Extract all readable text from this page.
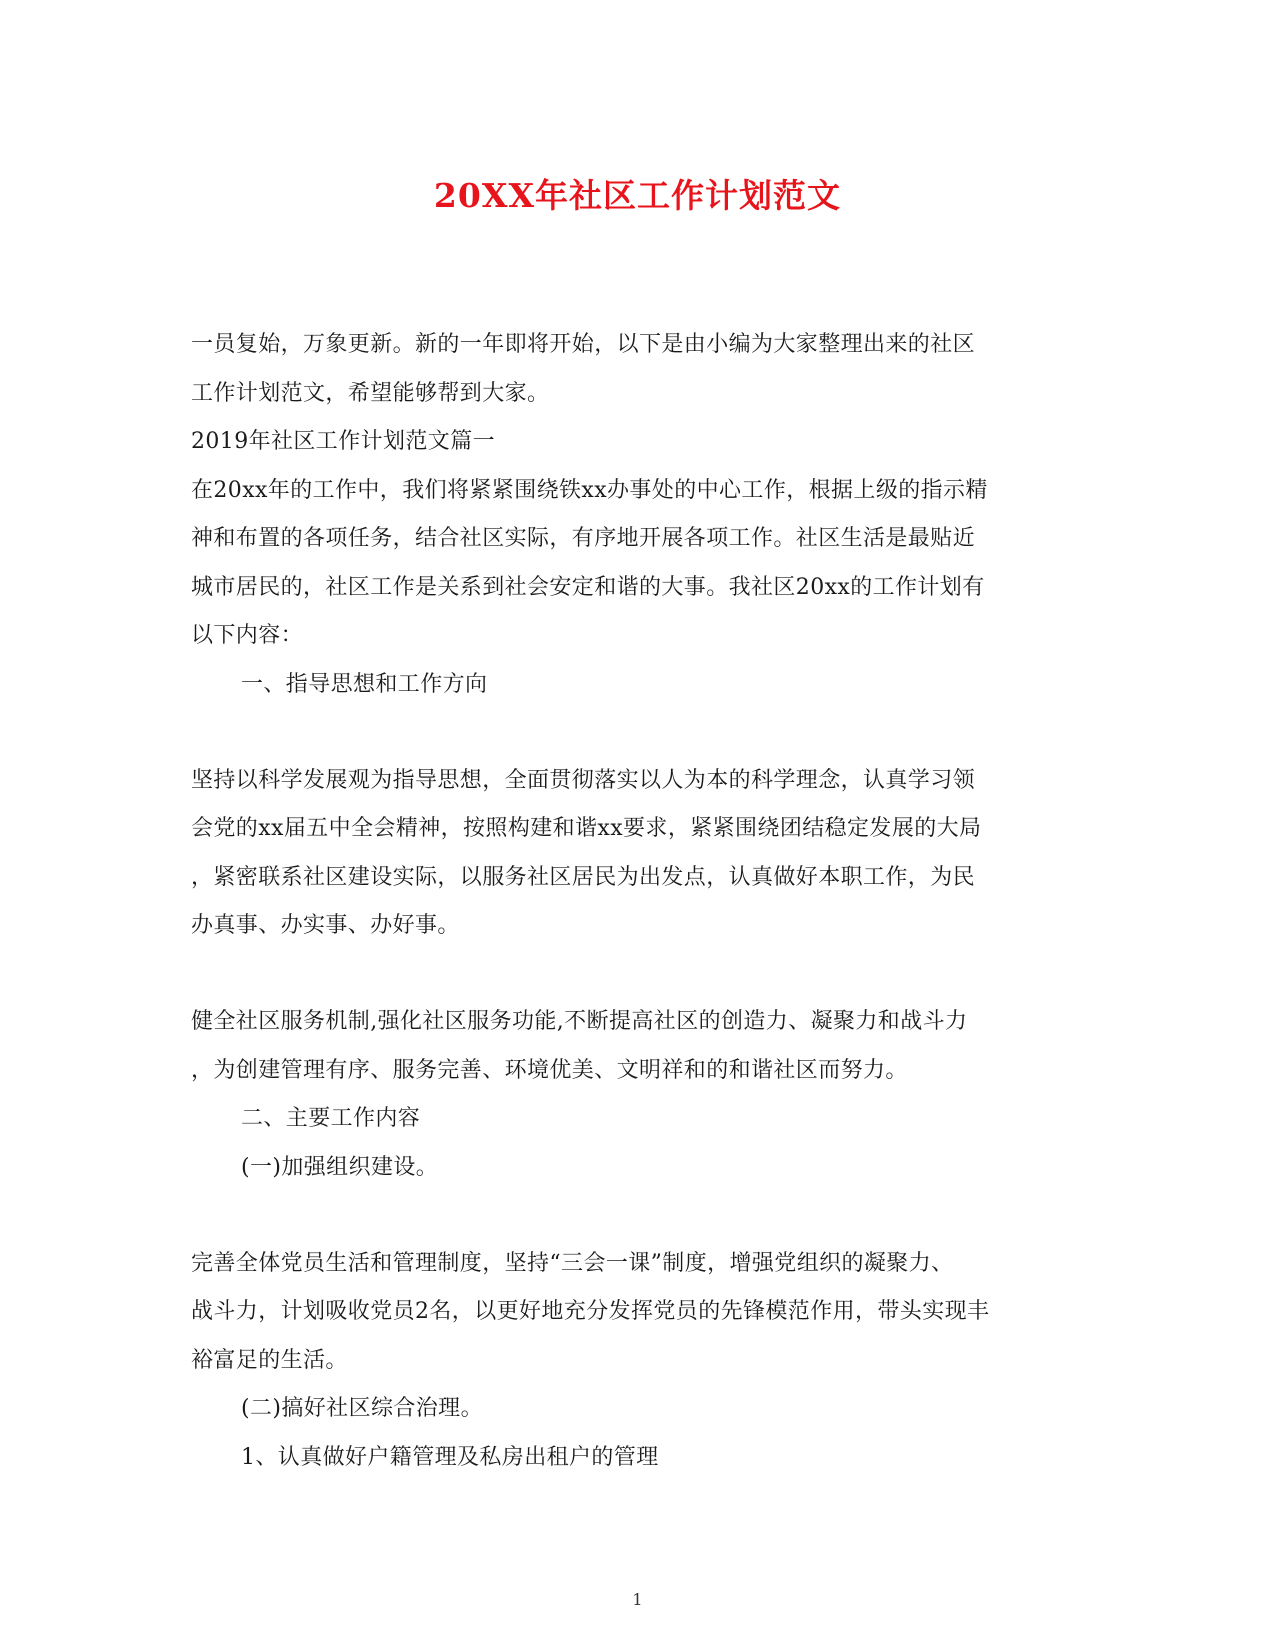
20XX年社区工作计划范文

一员复始，万象更新。新的一年即将开始，以下是由小编为大家整理出来的社区

工作计划范文，希望能够帮到大家。

2019年社区工作计划范文篇一

在20xx年的工作中，我们将紧紧围绕铁xx办事处的中心工作，根据上级的指示精

神和布置的各项任务，结合社区实际，有序地开展各项工作。社区生活是最贴近

城市居民的，社区工作是关系到社会安定和谐的大事。我社区20xx的工作计划有

以下内容：

一、指导思想和工作方向

坚持以科学发展观为指导思想，全面贯彻落实以人为本的科学理念，认真学习领

会党的xx届五中全会精神，按照构建和谐xx要求，紧紧围绕团结稳定发展的大局

，紧密联系社区建设实际，以服务社区居民为出发点，认真做好本职工作，为民

办真事、办实事、办好事。

健全社区服务机制,强化社区服务功能,不断提高社区的创造力、凝聚力和战斗力

，为创建管理有序、服务完善、环境优美、文明祥和的和谐社区而努力。

二、主要工作内容

(一)加强组织建设。

完善全体党员生活和管理制度，坚持“三会一课”制度，增强党组织的凝聚力、

战斗力，计划吸收党员2名，以更好地充分发挥党员的先锋模范作用，带头实现丰

裕富足的生活。

(二)搞好社区综合治理。

1、认真做好户籍管理及私房出租户的管理

1
